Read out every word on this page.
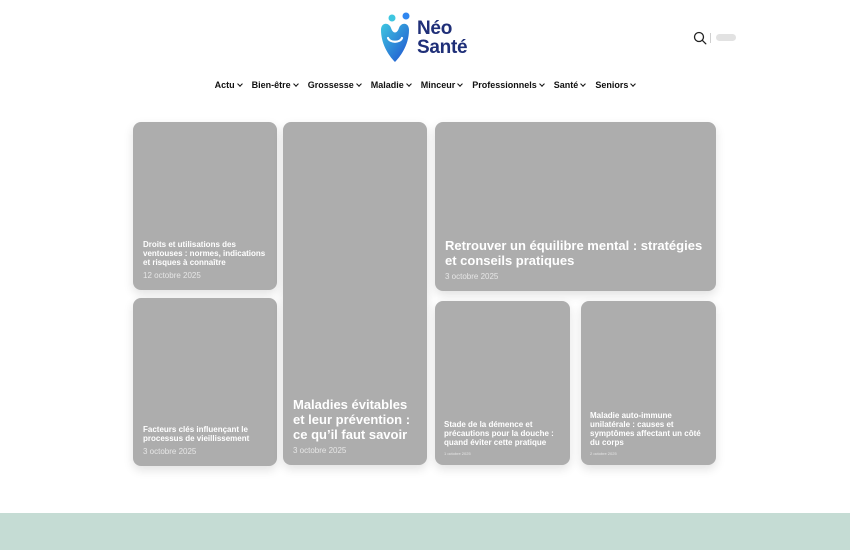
Néo
Santé
Actu Bien-être Grossesse Maladie Minceur Professionnels Santé Seniors
Droits et utilisations des ventouses : normes, indications et risques à connaître
12 octobre 2025
Facteurs clés influençant le processus de vieillissement
3 octobre 2025
Maladies évitables et leur prévention : ce qu’il faut savoir
3 octobre 2025
Retrouver un équilibre mental : stratégies et conseils pratiques
3 octobre 2025
Stade de la démence et précautions pour la douche : quand éviter cette pratique
1 octobre 2025
Maladie auto-immune unilatérale : causes et symptômes affectant un côté du corps
2 octobre 2025
